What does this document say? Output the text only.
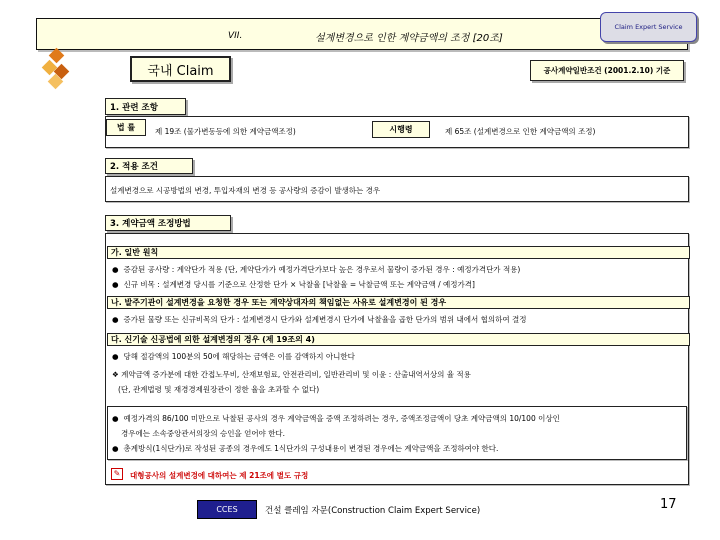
VII.	설계변경으로 인한 계약금액의 조정 [20조]
Claim Expert Service
국내 Claim	공사계약일반조건 (2001.2.10) 기준
1. 관련 조항
법 률	제 19조 (물가변동등에 의한 계약금액조정)	시행령	제 65조 (설계변경으로 인한 계약금액의 조정)
2. 적용 조건
설계변경으로 시공방법의 변경, 투입자재의 변경 등 공사량의 증감이 발생하는 경우
3. 계약금액 조정방법
가. 일반 원칙
● 증감된 공사량 : 계약단가 적용 (단, 계약단가가 예정가격단가보다 높은 경우로서 물량이 증가된 경우 : 예정가격단가 적용)
● 신규 비목 : 설계변경 당시를 기준으로 산정한 단가 × 낙찰율 [낙찰율 = 낙찰금액 또는 계약금액 / 예정가격]
나. 발주기관이 설계변경을 요청한 경우 또는 계약상대자의 책임없는 사유로 설계변경이 된 경우
● 증가된 물량 또는 신규비목의 단가 : 설계변경시 단가와 설계변경시 단가에 낙찰율을 곱한 단가의 범위 내에서 협의하여 결정
다. 신기술 신공법에 의한 설계변경의 경우 (제 19조의 4)
● 당해 절감액의 100분의 50에 해당하는 금액은 이를 감액하지 아니한다
❖ 계약금액 증가분에 대한 간접노무비, 산재보험료, 안전관리비, 일반관리비 및 이윤 : 산출내역서상의 율 적용
(단, 관계법령 및 재경경제원장관이 정한 율을 초과할 수 없다)
● 예정가격의 86/100 미만으로 낙찰된 공사의 경우 계약금액을 증액 조정하려는 경우, 증액조정금액이 당초 계약금액의 10/100 이상인
경우에는 소속중앙관서의장의 승인을 얻어야 한다.
● 총계방식(1식단가)로 작성된 공종의 경우에도 1식단가의 구성내용이 변경된 경우에는 계약금액을 조정하여야 한다.
✎	대형공사의 설계변경에 대하여는 제 21조에 별도 규정
CCES	건설 클레임 자문(Construction Claim Expert Service)	17
